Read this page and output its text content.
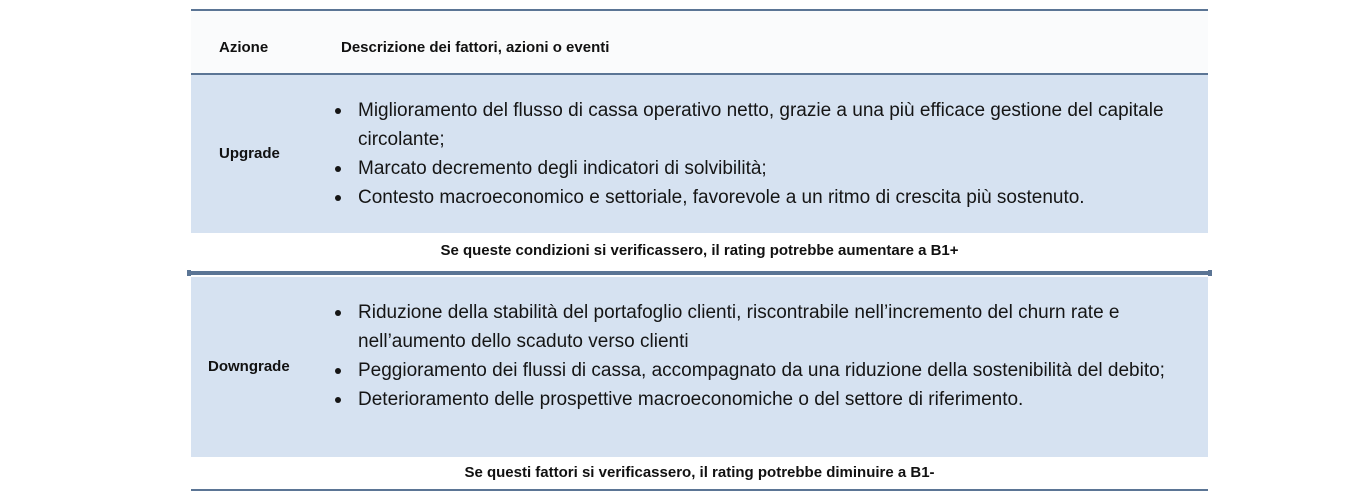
Azione	Descrizione dei fattori, azioni o eventi
Upgrade
Miglioramento del flusso di cassa operativo netto, grazie a una più efficace gestione del capitale circolante;
Marcato decremento degli indicatori di solvibilità;
Contesto macroeconomico e settoriale, favorevole a un ritmo di crescita più sostenuto.
Se queste condizioni si verificassero, il rating potrebbe aumentare a B1+
Downgrade
Riduzione della stabilità del portafoglio clienti, riscontrabile nell’incremento del churn rate e nell’aumento dello scaduto verso clienti
Peggioramento dei flussi di cassa, accompagnato da una riduzione della sostenibilità del debito;
Deterioramento delle prospettive macroeconomiche o del settore di riferimento.
Se questi fattori si verificassero, il rating potrebbe diminuire a B1-
